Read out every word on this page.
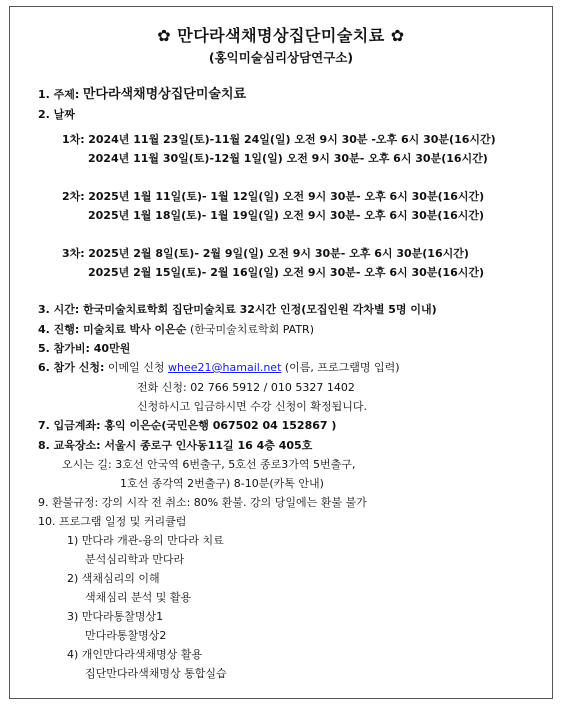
✿ 만다라색채명상집단미술치료 ✿
(홍익미술심리상담연구소)
1. 주제: 만다라색채명상집단미술치료
2. 날짜
1차: 2024년 11월 23일(토)-11월 24일(일) 오전 9시 30분 -오후 6시 30분(16시간)
2024년 11월 30일(토)-12월 1일(일) 오전 9시 30분- 오후 6시 30분(16시간)
2차: 2025년 1월 11일(토)- 1월 12일(일) 오전 9시 30분- 오후 6시 30분(16시간)
2025년 1월 18일(토)- 1월 19일(일) 오전 9시 30분- 오후 6시 30분(16시간)
3차: 2025년 2월 8일(토)- 2월 9일(일) 오전 9시 30분- 오후 6시 30분(16시간)
2025년 2월 15일(토)- 2월 16일(일) 오전 9시 30분- 오후 6시 30분(16시간)
3. 시간: 한국미술치료학회 집단미술치료 32시간 인정(모집인원 각차별 5명 이내)
4. 진행: 미술치료 박사 이은순 (한국미술치료학회 PATR)
5. 참가비: 40만원
6. 참가 신청: 이메일 신청 whee21@hamail.net (이름, 프로그램명 입력)
전화 신청: 02 766 5912 / 010 5327 1402
신청하시고 입금하시면 수강 신청이 확정됩니다.
7. 입금계좌: 홍익 이은순(국민은행 067502 04 152867 )
8. 교육장소: 서울시 종로구 인사동11길 16 4층 405호
오시는 길: 3호선 안국역 6번출구, 5호선 종로3가역 5번출구,
1호선 종각역 2번출구) 8-10분(카톡 안내)
9. 환불규정: 강의 시작 전 취소: 80% 환불. 강의 당일에는 환불 불가
10. 프로그램 일정 및 커리큘럼
1) 만다라 개관-융의 만다라 치료
분석심리학과 만다라
2) 색채심리의 이해
색채심리 분석 및 활용
3) 만다라통찰명상1
만다라통찰명상2
4) 개인만다라색채명상 활용
집단만다라색채명상 통합실습
